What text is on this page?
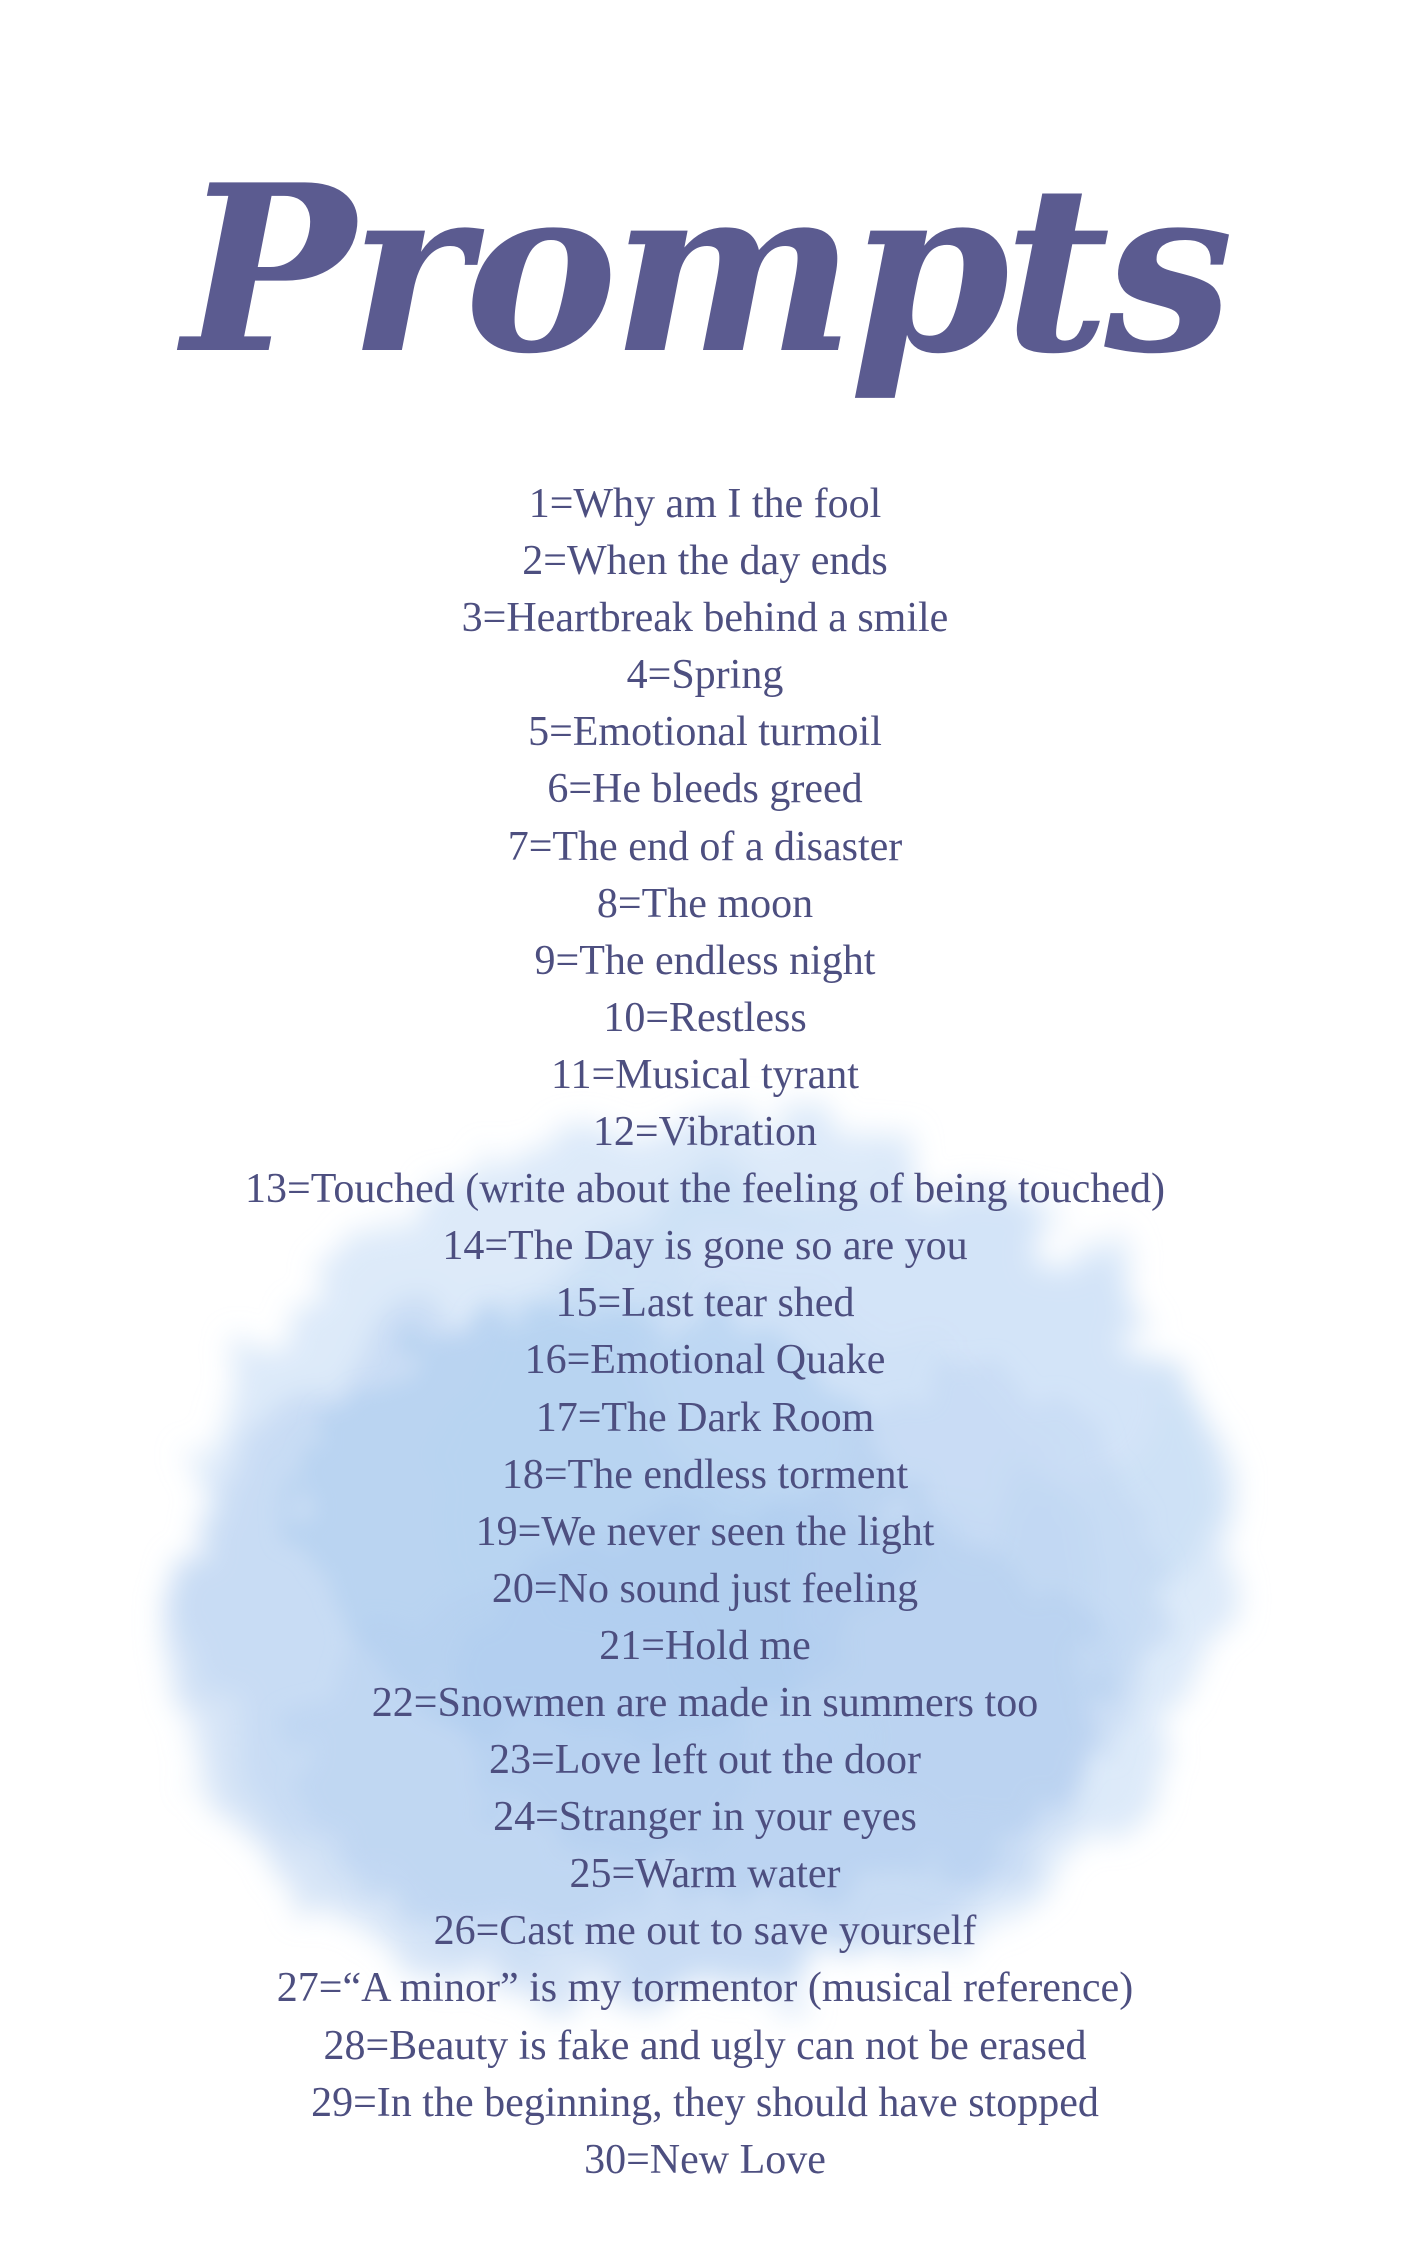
Prompts
1=Why am I the fool
2=When the day ends
3=Heartbreak behind a smile
4=Spring
5=Emotional turmoil
6=He bleeds greed
7=The end of a disaster
8=The moon
9=The endless night
10=Restless
11=Musical tyrant
12=Vibration
13=Touched (write about the feeling of being touched)
14=The Day is gone so are you
15=Last tear shed
16=Emotional Quake
17=The Dark Room
18=The endless torment
19=We never seen the light
20=No sound just feeling
21=Hold me
22=Snowmen are made in summers too
23=Love left out the door
24=Stranger in your eyes
25=Warm water
26=Cast me out to save yourself
27=“A minor” is my tormentor (musical reference)
28=Beauty is fake and ugly can not be erased
29=In the beginning, they should have stopped
30=New Love
